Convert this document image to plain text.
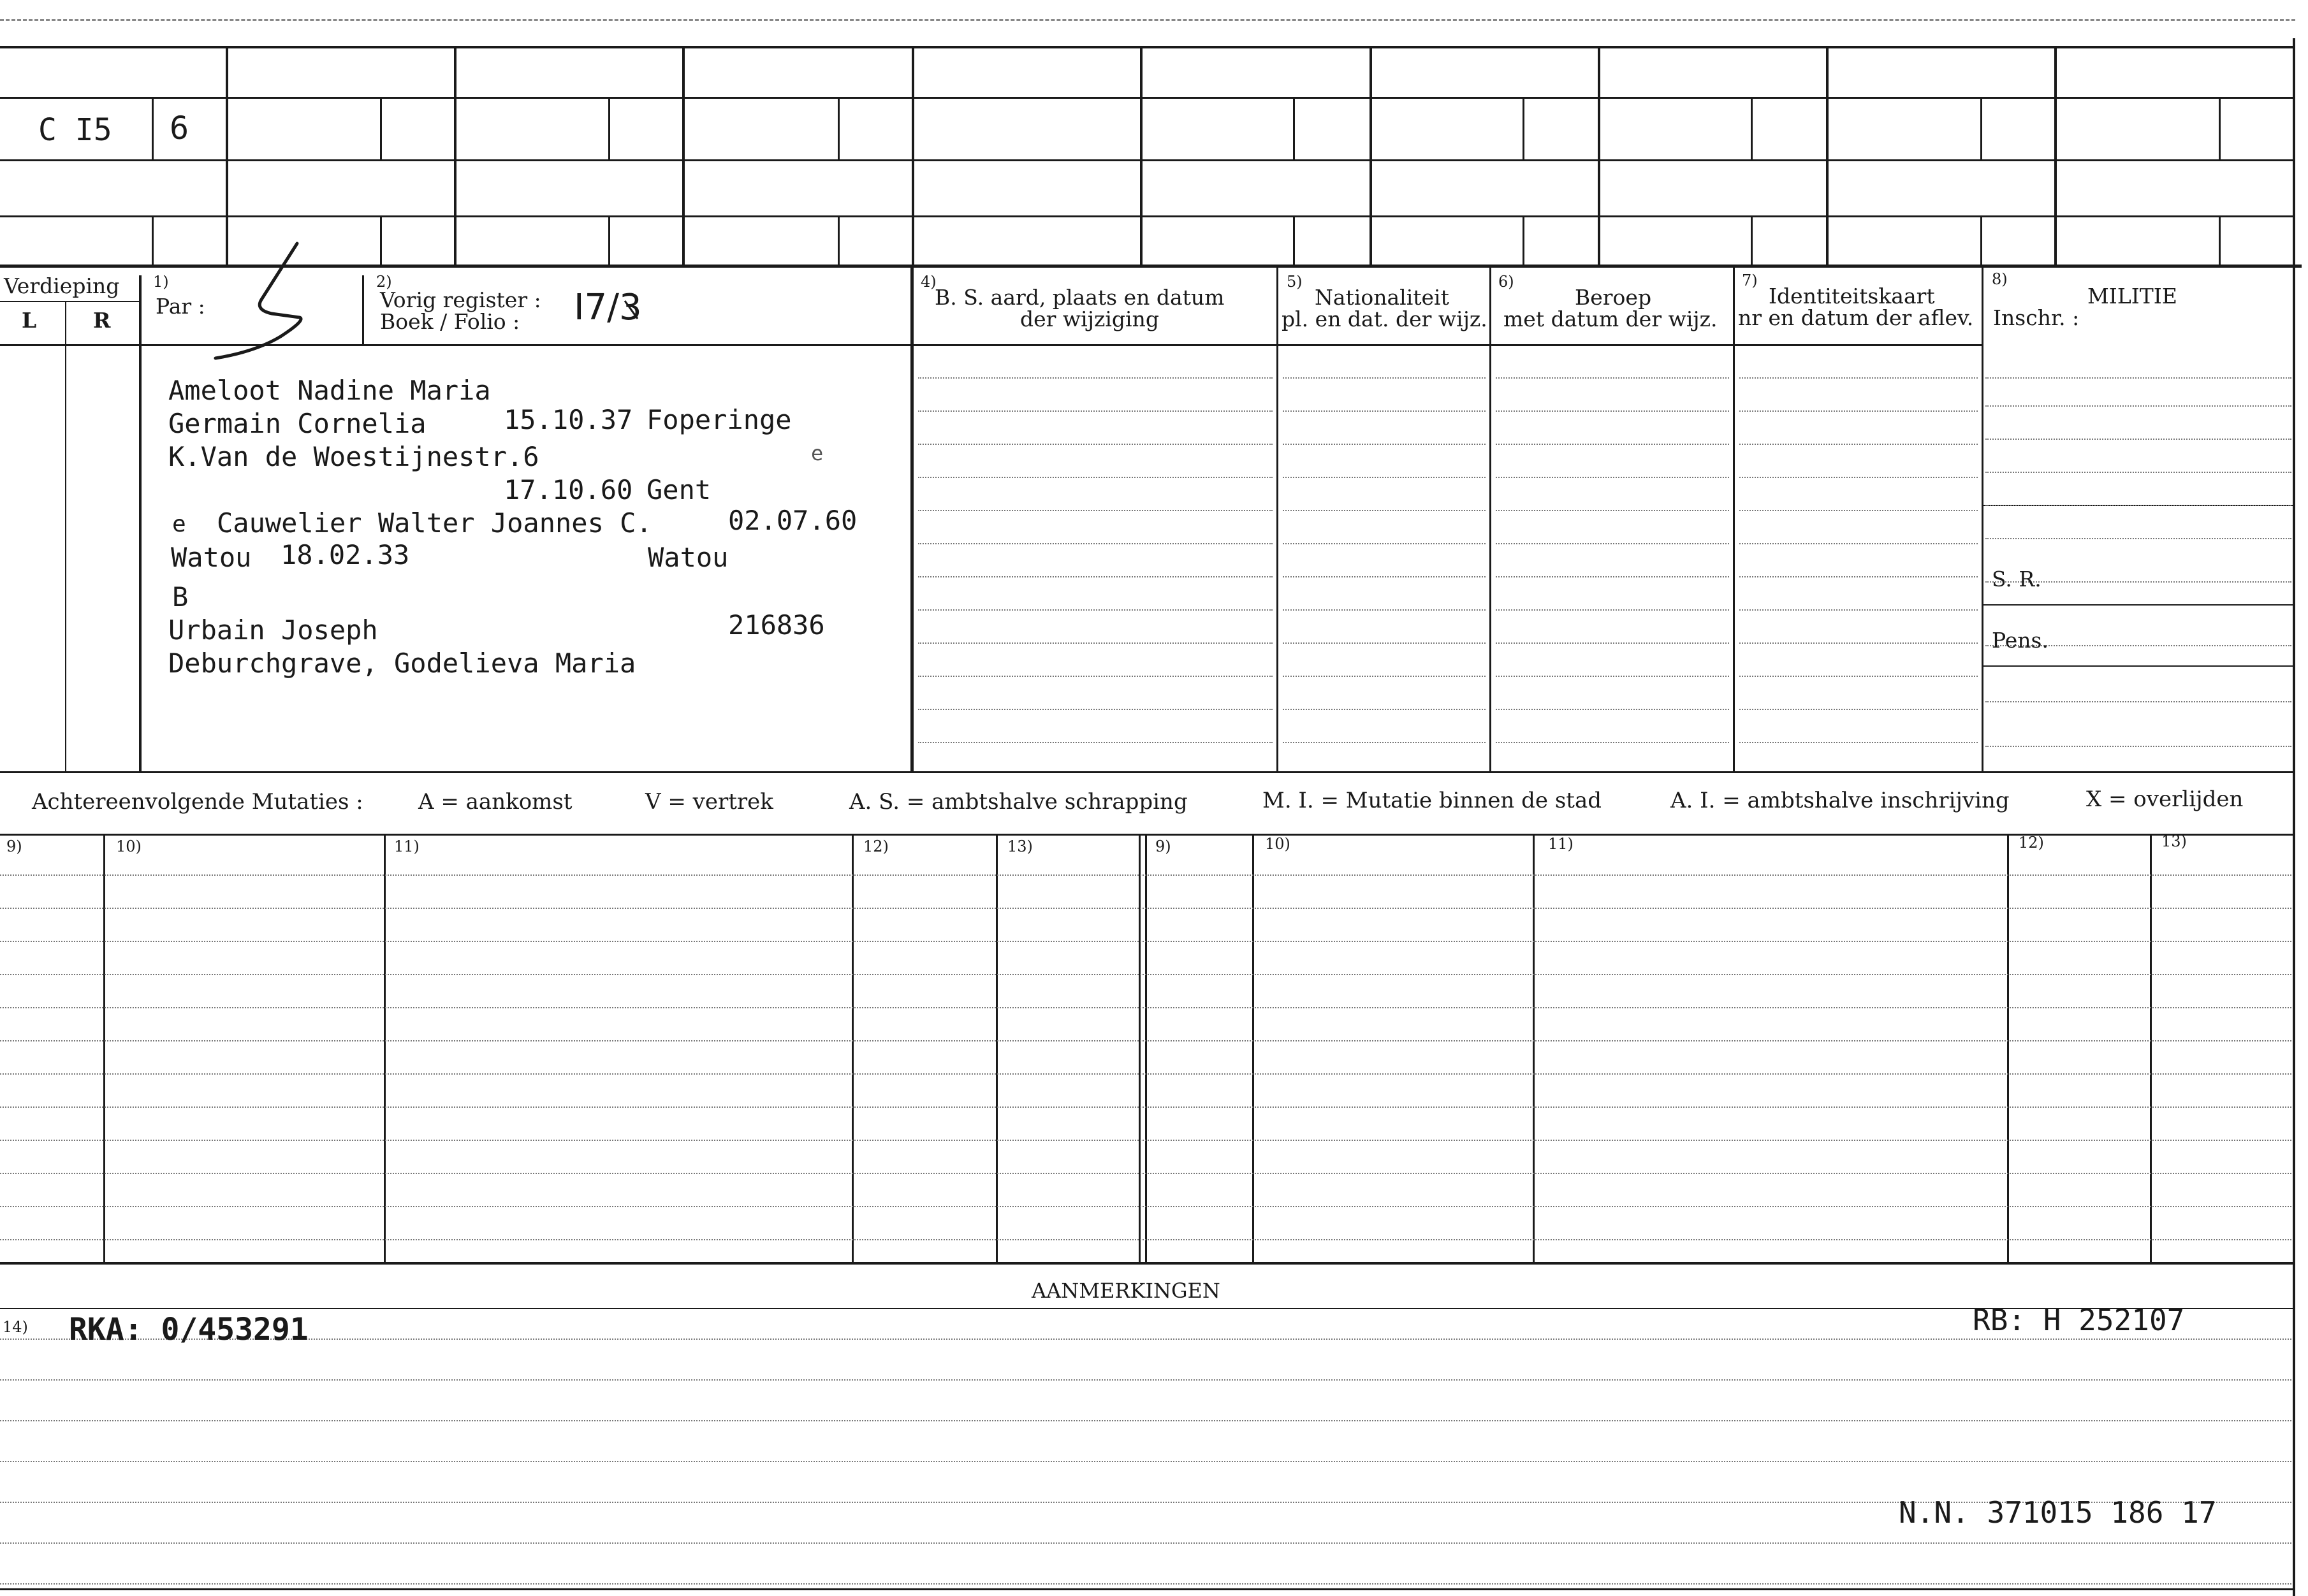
C I5 6
Verdieping
L	R
1)
Par :
2)
Vorig register :
Boek / Folio : I7/3
4)
B. S. aard, plaats en datum
der wijziging
5)
Nationaliteit
pl. en dat. der wijz.
6)
Beroep
met datum der wijz.
7)
Identiteitskaart
nr en datum der aflev.
8)
MILITIE
Inschr. :
S. R.
Pens.
Ameloot Nadine Maria
Germain Cornelia	15.10.37 Foperinge
K.Van de Woestijnestr.6	e
17.10.60 Gent
e Cauwelier Walter Joannes C.	02.07.60
Watou 18.02.33	Watou
B
Urbain Joseph	216836
Deburchgrave, Godelieva Maria
Achtereenvolgende Mutaties :	A = aankomst	V = vertrek	A. S. = ambtshalve schrapping	M. I. = Mutatie binnen de stad	A. I. = ambtshalve inschrijving	X = overlijden
9)	10)	11)	12)	13)	9)	10)	11)	12)	13)
AANMERKINGEN
14) RKA: 0/453291	RB: H 252107
N.N. 371015 186 17
